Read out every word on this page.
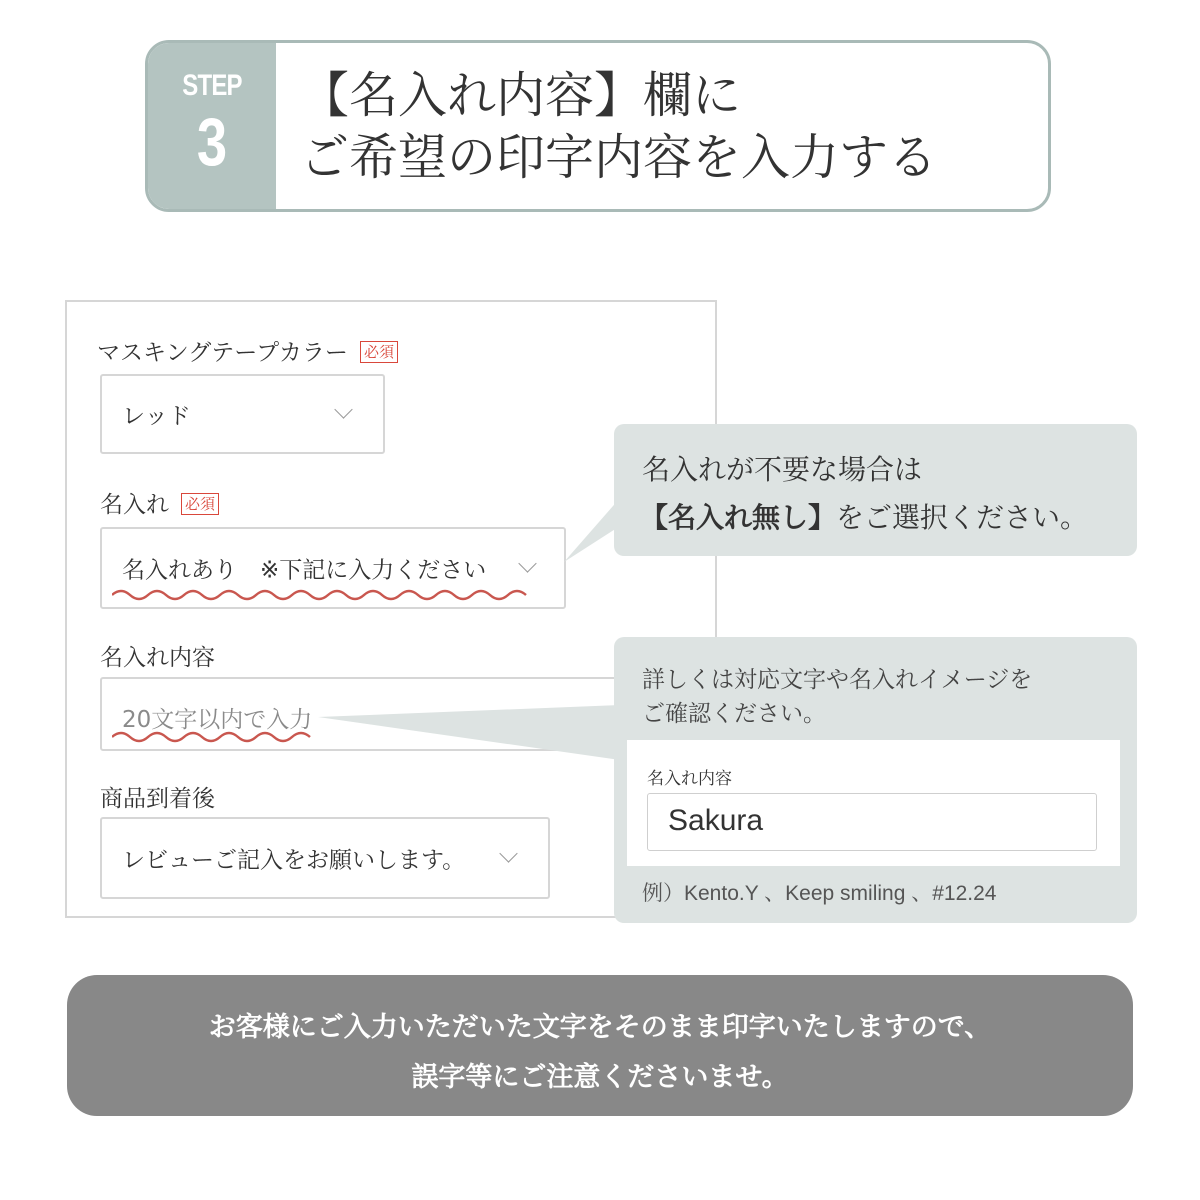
STEP
3
【名入れ内容】欄に
ご希望の印字内容を入力する
マスキングテープカラー 必須
レッド
名入れ 必須
名入れあり　※下記に入力ください
名入れ内容
20文字以内で入力
商品到着後
レビューご記入をお願いします。
名入れが不要な場合は
【名入れ無し】をご選択ください。
詳しくは対応文字や名入れイメージを
ご確認ください。
名入れ内容
Sakura
例）Kento.Y 、Keep smiling 、#12.24
お客様にご入力いただいた文字をそのまま印字いたしますので、
誤字等にご注意くださいませ。
